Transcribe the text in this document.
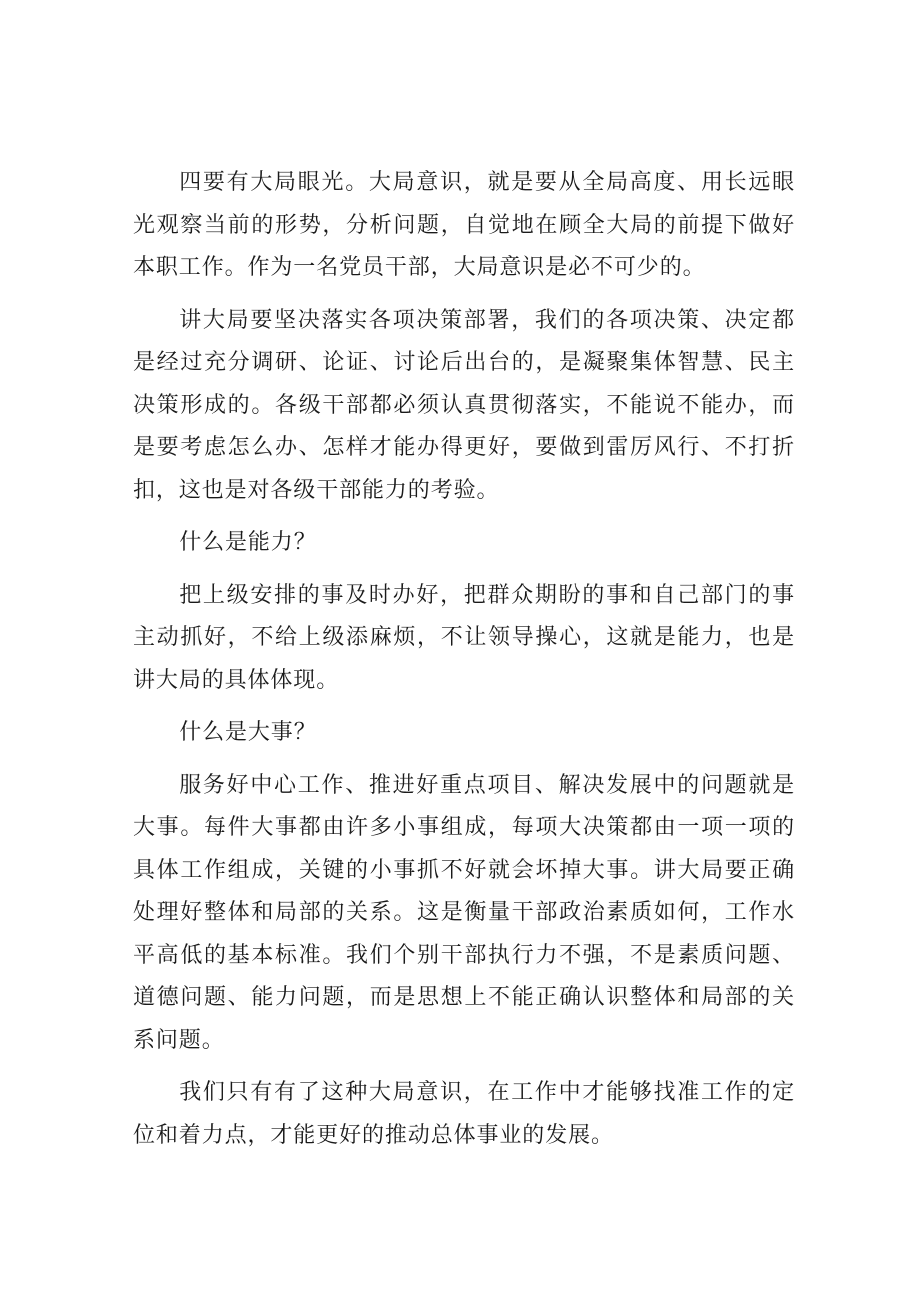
四要有大局眼光。大局意识，就是要从全局高度、用长远眼光观察当前的形势，分析问题，自觉地在顾全大局的前提下做好本职工作。作为一名党员干部，大局意识是必不可少的。

讲大局要坚决落实各项决策部署，我们的各项决策、决定都是经过充分调研、论证、讨论后出台的，是凝聚集体智慧、民主决策形成的。各级干部都必须认真贯彻落实，不能说不能办，而是要考虑怎么办、怎样才能办得更好，要做到雷厉风行、不打折扣，这也是对各级干部能力的考验。

什么是能力？

把上级安排的事及时办好，把群众期盼的事和自己部门的事主动抓好，不给上级添麻烦，不让领导操心，这就是能力，也是讲大局的具体体现。

什么是大事？

服务好中心工作、推进好重点项目、解决发展中的问题就是大事。每件大事都由许多小事组成，每项大决策都由一项一项的具体工作组成，关键的小事抓不好就会坏掉大事。讲大局要正确处理好整体和局部的关系。这是衡量干部政治素质如何，工作水平高低的基本标准。我们个别干部执行力不强，不是素质问题、道德问题、能力问题，而是思想上不能正确认识整体和局部的关系问题。

我们只有有了这种大局意识，在工作中才能够找准工作的定位和着力点，才能更好的推动总体事业的发展。
